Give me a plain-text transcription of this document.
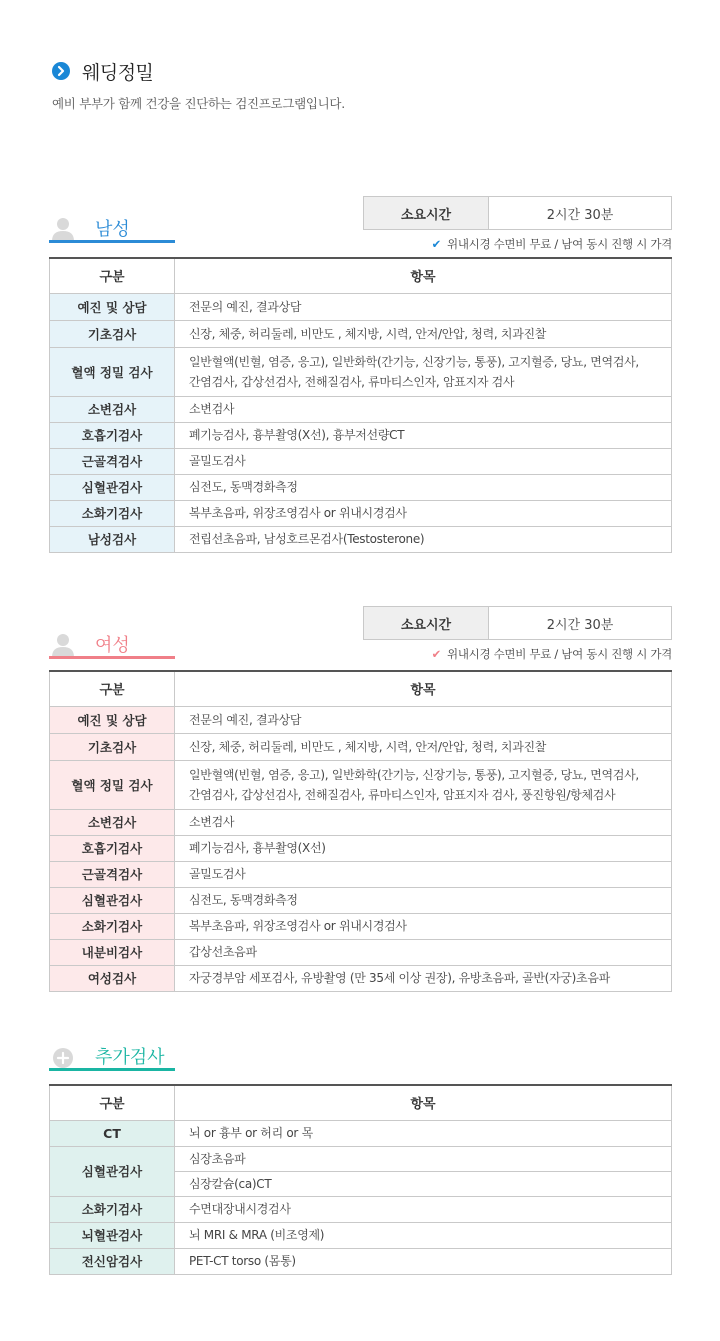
웨딩정밀
예비 부부가 함께 건강을 진단하는 검진프로그램입니다.
남성
소요시간	2시간 30분
✔ 위내시경 수면비 무료 / 남여 동시 진행 시 가격
구분	항목
예진 및 상담	전문의 예진, 결과상담
기초검사	신장, 체중, 허리둘레, 비만도 , 체지방, 시력, 안저/안압, 청력, 치과진찰
혈액 정밀 검사	일반혈액(빈혈, 염증, 응고), 일반화학(간기능, 신장기능, 통풍), 고지혈증, 당뇨, 면역검사,
간염검사, 갑상선검사, 전해질검사, 류마티스인자, 암표지자 검사

소변검사	소변검사
호흡기검사	폐기능검사, 흉부촬영(X선), 흉부저선량CT
근골격검사	골밀도검사
심혈관검사	심전도, 동맥경화측정
소화기검사	복부초음파, 위장조영검사 or 위내시경검사
남성검사	전립선초음파, 남성호르몬검사(Testosterone)
여성
소요시간	2시간 30분
✔ 위내시경 수면비 무료 / 남여 동시 진행 시 가격
구분	항목
예진 및 상담	전문의 예진, 결과상담
기초검사	신장, 체중, 허리둘레, 비만도 , 체지방, 시력, 안저/안압, 청력, 치과진찰
혈액 정밀 검사	일반혈액(빈혈, 염증, 응고), 일반화학(간기능, 신장기능, 통풍), 고지혈증, 당뇨, 면역검사,
간염검사, 갑상선검사, 전해질검사, 류마티스인자, 암표지자 검사, 풍진항원/항체검사

소변검사	소변검사
호흡기검사	폐기능검사, 흉부촬영(X선)
근골격검사	골밀도검사
심혈관검사	심전도, 동맥경화측정
소화기검사	복부초음파, 위장조영검사 or 위내시경검사
내분비검사	갑상선초음파
여성검사	자궁경부암 세포검사, 유방촬영 (만 35세 이상 권장), 유방초음파, 골반(자궁)초음파
추가검사
구분	항목
CT	뇌 or 흉부 or 허리 or 목
심혈관검사	심장초음파
	심장칼슘(ca)CT
소화기검사	수면대장내시경검사
뇌혈관검사	뇌 MRI & MRA (비조영제)
전신암검사	PET-CT torso (몸통)
